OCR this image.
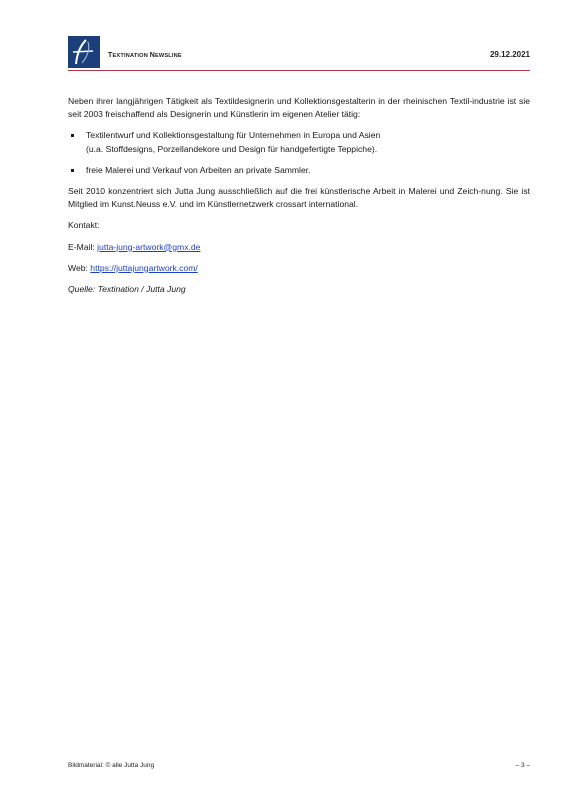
TEXTINATION NEWSLINE	29.12.2021

Neben ihrer langjährigen Tätigkeit als Textildesignerin und Kollektionsgestalterin in der rheinischen Textil-industrie ist sie seit 2003 freischaffend als Designerin und Künstlerin im eigenen Atelier tätig:

Textilentwurf und Kollektionsgestaltung für Unternehmen in Europa und Asien
(u.a. Stoffdesigns, Porzellandekore und Design für handgefertigte Teppiche).
freie Malerei und Verkauf von Arbeiten an private Sammler.

Seit 2010 konzentriert sich Jutta Jung ausschließlich auf die frei künstlerische Arbeit in Malerei und Zeich-nung. Sie ist Mitglied im Kunst.Neuss e.V. und im Künstlernetzwerk crossart international.

Kontakt:

E-Mail: jutta-jung-artwork@gmx.de

Web: https://juttajungartwork.com/

Quelle: Textination / Jutta Jung

Bildmaterial: © alle Jutta Jung	– 3 –
